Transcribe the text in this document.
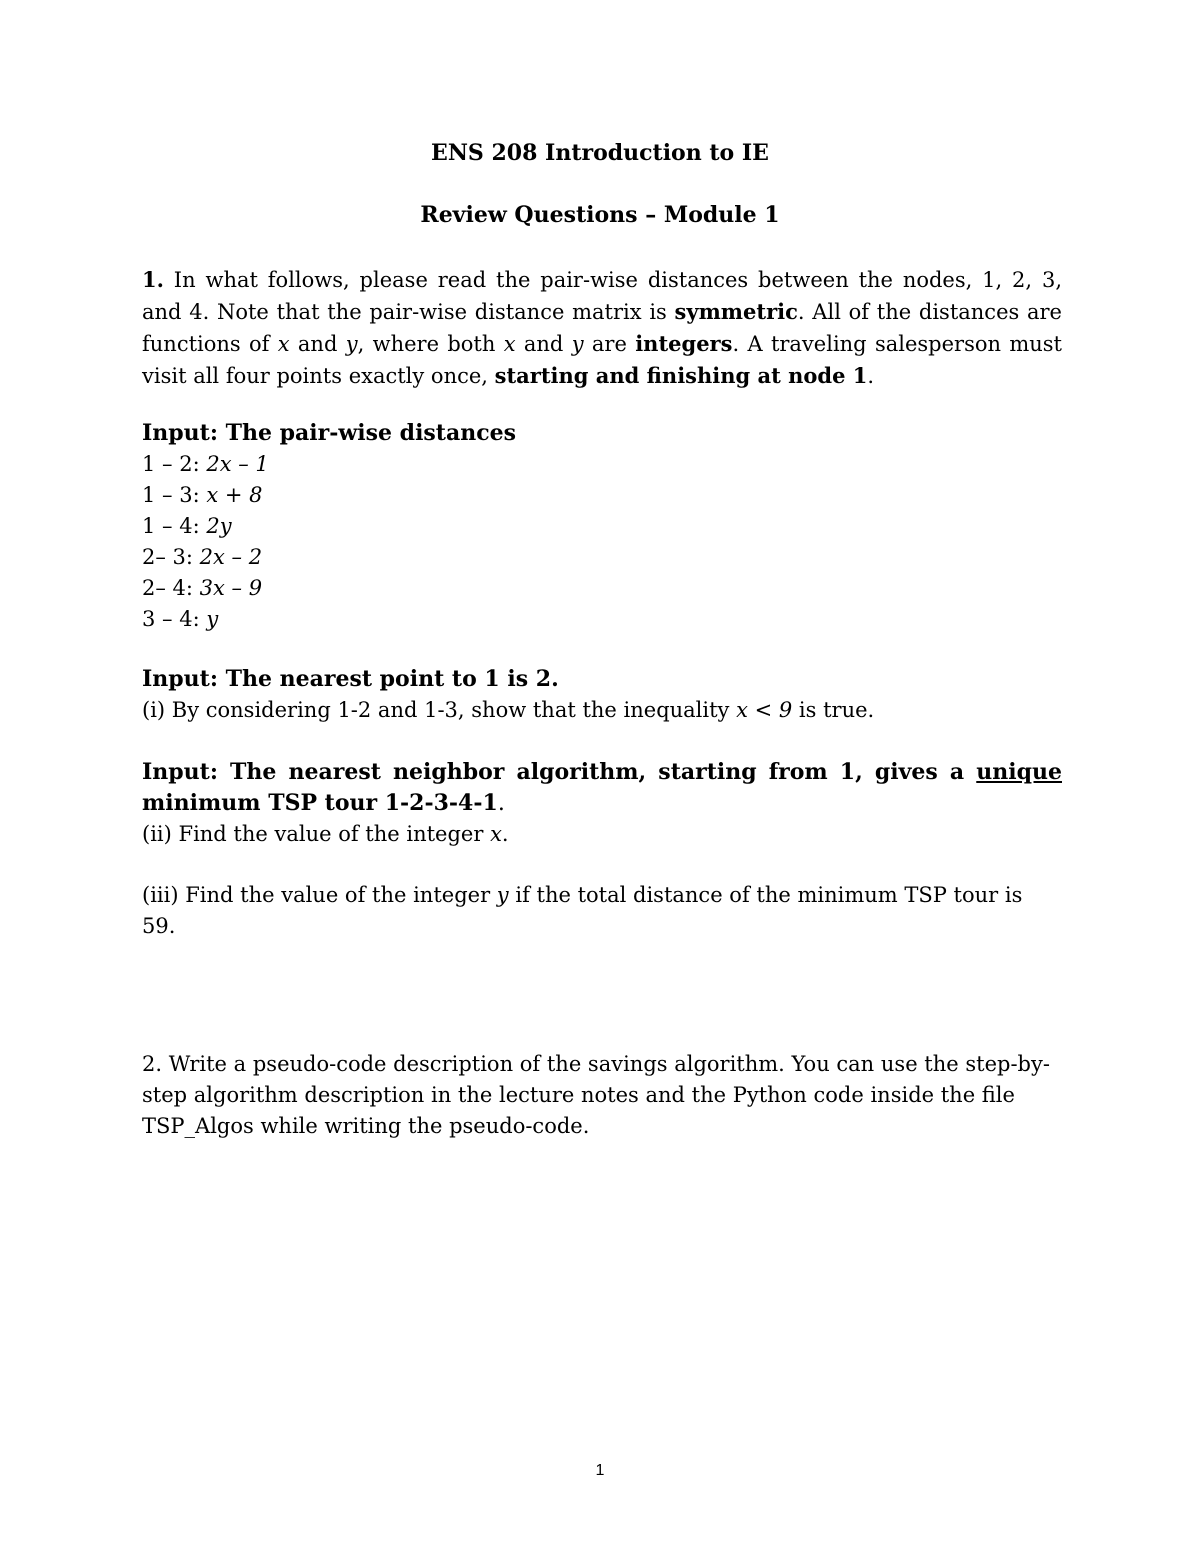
ENS 208 Introduction to IE
Review Questions – Module 1
1. In what follows, please read the pair-wise distances between the nodes, 1, 2, 3, and 4. Note that the pair-wise distance matrix is symmetric. All of the distances are functions of x and y, where both x and y are integers. A traveling salesperson must visit all four points exactly once, starting and finishing at node 1.
Input: The pair-wise distances
1 – 2: 2x – 1
1 – 3: x + 8
1 – 4: 2y
2– 3: 2x – 2
2– 4: 3x – 9
3 – 4: y
Input: The nearest point to 1 is 2.
(i) By considering 1-2 and 1-3, show that the inequality x < 9 is true.
Input: The nearest neighbor algorithm, starting from 1, gives a unique
minimum TSP tour 1-2-3-4-1.
(ii) Find the value of the integer x.
(iii) Find the value of the integer y if the total distance of the minimum TSP tour is 59.
2. Write a pseudo-code description of the savings algorithm. You can use the step-by-step algorithm description in the lecture notes and the Python code inside the file TSP_Algos while writing the pseudo-code.
1
